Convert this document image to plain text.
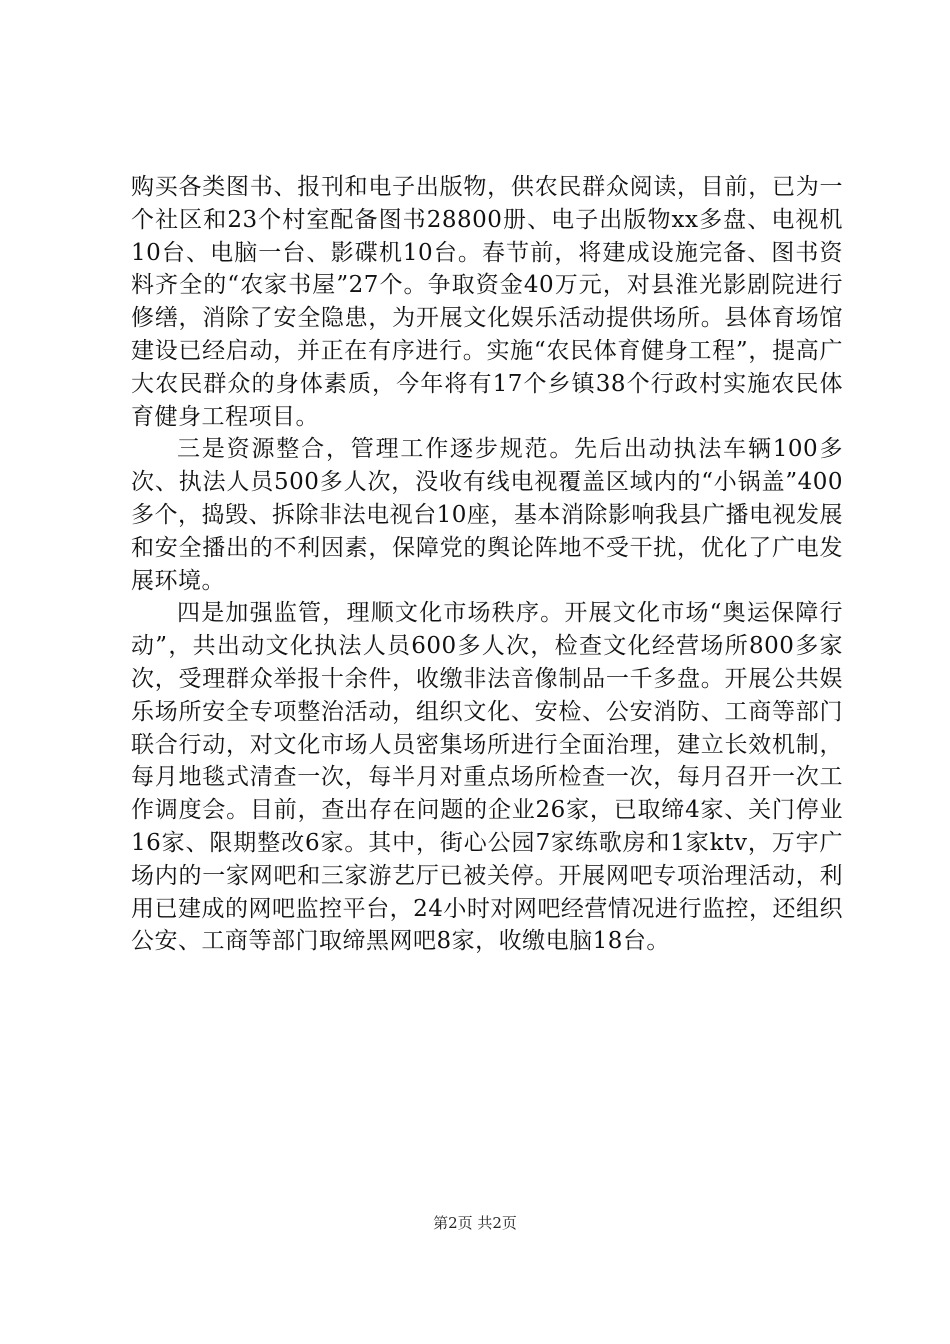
购买各类图书、报刊和电子出版物，供农民群众阅读，目前，已为一个社区和23个村室配备图书28800册、电子出版物xx多盘、电视机10台、电脑一台、影碟机10台。春节前，将建成设施完备、图书资料齐全的“农家书屋”27个。争取资金40万元，对县淮光影剧院进行修缮，消除了安全隐患，为开展文化娱乐活动提供场所。县体育场馆建设已经启动，并正在有序进行。实施“农民体育健身工程”，提高广大农民群众的身体素质，今年将有17个乡镇38个行政村实施农民体育健身工程项目。

三是资源整合，管理工作逐步规范。先后出动执法车辆100多次、执法人员500多人次，没收有线电视覆盖区域内的“小锅盖”400多个，捣毁、拆除非法电视台10座，基本消除影响我县广播电视发展和安全播出的不利因素，保障党的舆论阵地不受干扰，优化了广电发展环境。

四是加强监管，理顺文化市场秩序。开展文化市场“奥运保障行动”，共出动文化执法人员600多人次，检查文化经营场所800多家次，受理群众举报十余件，收缴非法音像制品一千多盘。开展公共娱乐场所安全专项整治活动，组织文化、安检、公安消防、工商等部门联合行动，对文化市场人员密集场所进行全面治理，建立长效机制，每月地毯式清查一次，每半月对重点场所检查一次，每月召开一次工作调度会。目前，查出存在问题的企业26家，已取缔4家、关门停业16家、限期整改6家。其中，街心公园7家练歌房和1家ktv，万宇广场内的一家网吧和三家游艺厅已被关停。开展网吧专项治理活动，利用已建成的网吧监控平台，24小时对网吧经营情况进行监控，还组织公安、工商等部门取缔黑网吧8家，收缴电脑18台。

第2页 共2页
